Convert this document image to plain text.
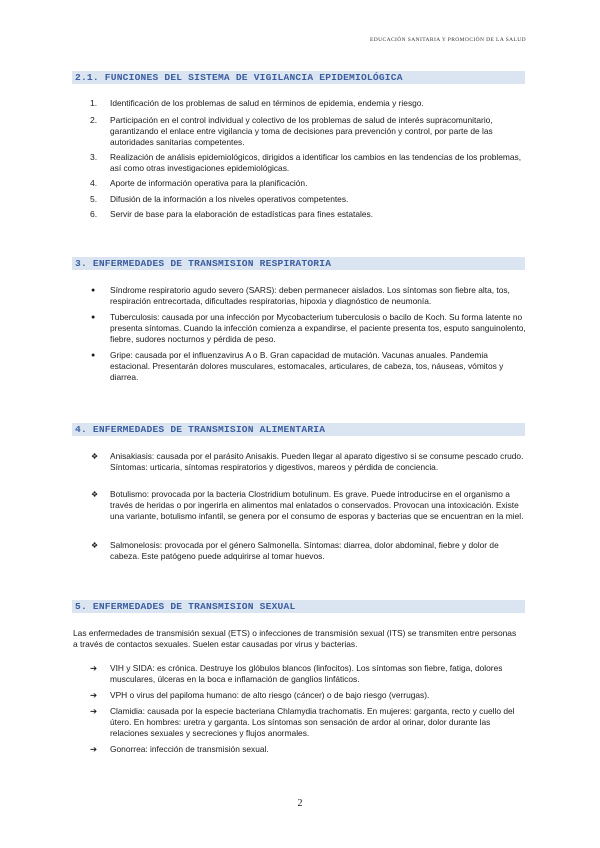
EDUCACIÓN SANITARIA Y PROMOCIÓN DE LA SALUD
2.1. FUNCIONES DEL SISTEMA DE VIGILANCIA EPIDEMIOLÓGICA
1. Identificación de los problemas de salud en términos de epidemia, endemia y riesgo.
2. Participación en el control individual y colectivo de los problemas de salud de interés supracomunitario, garantizando el enlace entre vigilancia y toma de decisiones para prevención y control, por parte de las autoridades sanitarias competentes.
3. Realización de análisis epidemiológicos, dirigidos a identificar los cambios en las tendencias de los problemas, así como otras investigaciones epidemiológicas.
4. Aporte de información operativa para la planificación.
5. Difusión de la información a los niveles operativos competentes.
6. Servir de base para la elaboración de estadísticas para fines estatales.
3. ENFERMEDADES DE TRANSMISION RESPIRATORIA
● Síndrome respiratorio agudo severo (SARS): deben permanecer aislados. Los síntomas son fiebre alta, tos, respiración entrecortada, dificultades respiratorias, hipoxia y diagnóstico de neumonía.
● Tuberculosis: causada por una infección por Mycobacterium tuberculosis o bacilo de Koch. Su forma latente no presenta síntomas. Cuando la infección comienza a expandirse, el paciente presenta tos, esputo sanguinolento, fiebre, sudores nocturnos y pérdida de peso.
● Gripe: causada por el influenzavirus A o B. Gran capacidad de mutación. Vacunas anuales. Pandemia estacional. Presentarán dolores musculares, estomacales, articulares, de cabeza, tos, náuseas, vómitos y diarrea.
4. ENFERMEDADES DE TRANSMISION ALIMENTARIA
❖ Anisakiasis: causada por el parásito Anisakis. Pueden llegar al aparato digestivo si se consume pescado crudo. Síntomas: urticaria, síntomas respiratorios y digestivos, mareos y pérdida de conciencia.
❖ Botulismo: provocada por la bacteria Clostridium botulinum. Es grave. Puede introducirse en el organismo a través de heridas o por ingerirla en alimentos mal enlatados o conservados. Provocan una intoxicación. Existe una variante, botulismo infantil, se genera por el consumo de esporas y bacterias que se encuentran en la miel.
❖ Salmonelosis: provocada por el género Salmonella. Síntomas: diarrea, dolor abdominal, fiebre y dolor de cabeza. Este patógeno puede adquirirse al tomar huevos.
5. ENFERMEDADES DE TRANSMISION SEXUAL
Las enfermedades de transmisión sexual (ETS) o infecciones de transmisión sexual (ITS) se transmiten entre personas a través de contactos sexuales. Suelen estar causadas por virus y bacterias.
➔ VIH y SIDA: es crónica. Destruye los glóbulos blancos (linfocitos). Los síntomas son fiebre, fatiga, dolores musculares, úlceras en la boca e inflamación de ganglios linfáticos.
➔ VPH o virus del papiloma humano: de alto riesgo (cáncer) o de bajo riesgo (verrugas).
➔ Clamidia: causada por la especie bacteriana Chlamydia trachomatis. En mujeres: garganta, recto y cuello del útero. En hombres: uretra y garganta. Los síntomas son sensación de ardor al orinar, dolor durante las relaciones sexuales y secreciones y flujos anormales.
➔ Gonorrea: infección de transmisión sexual.
2
